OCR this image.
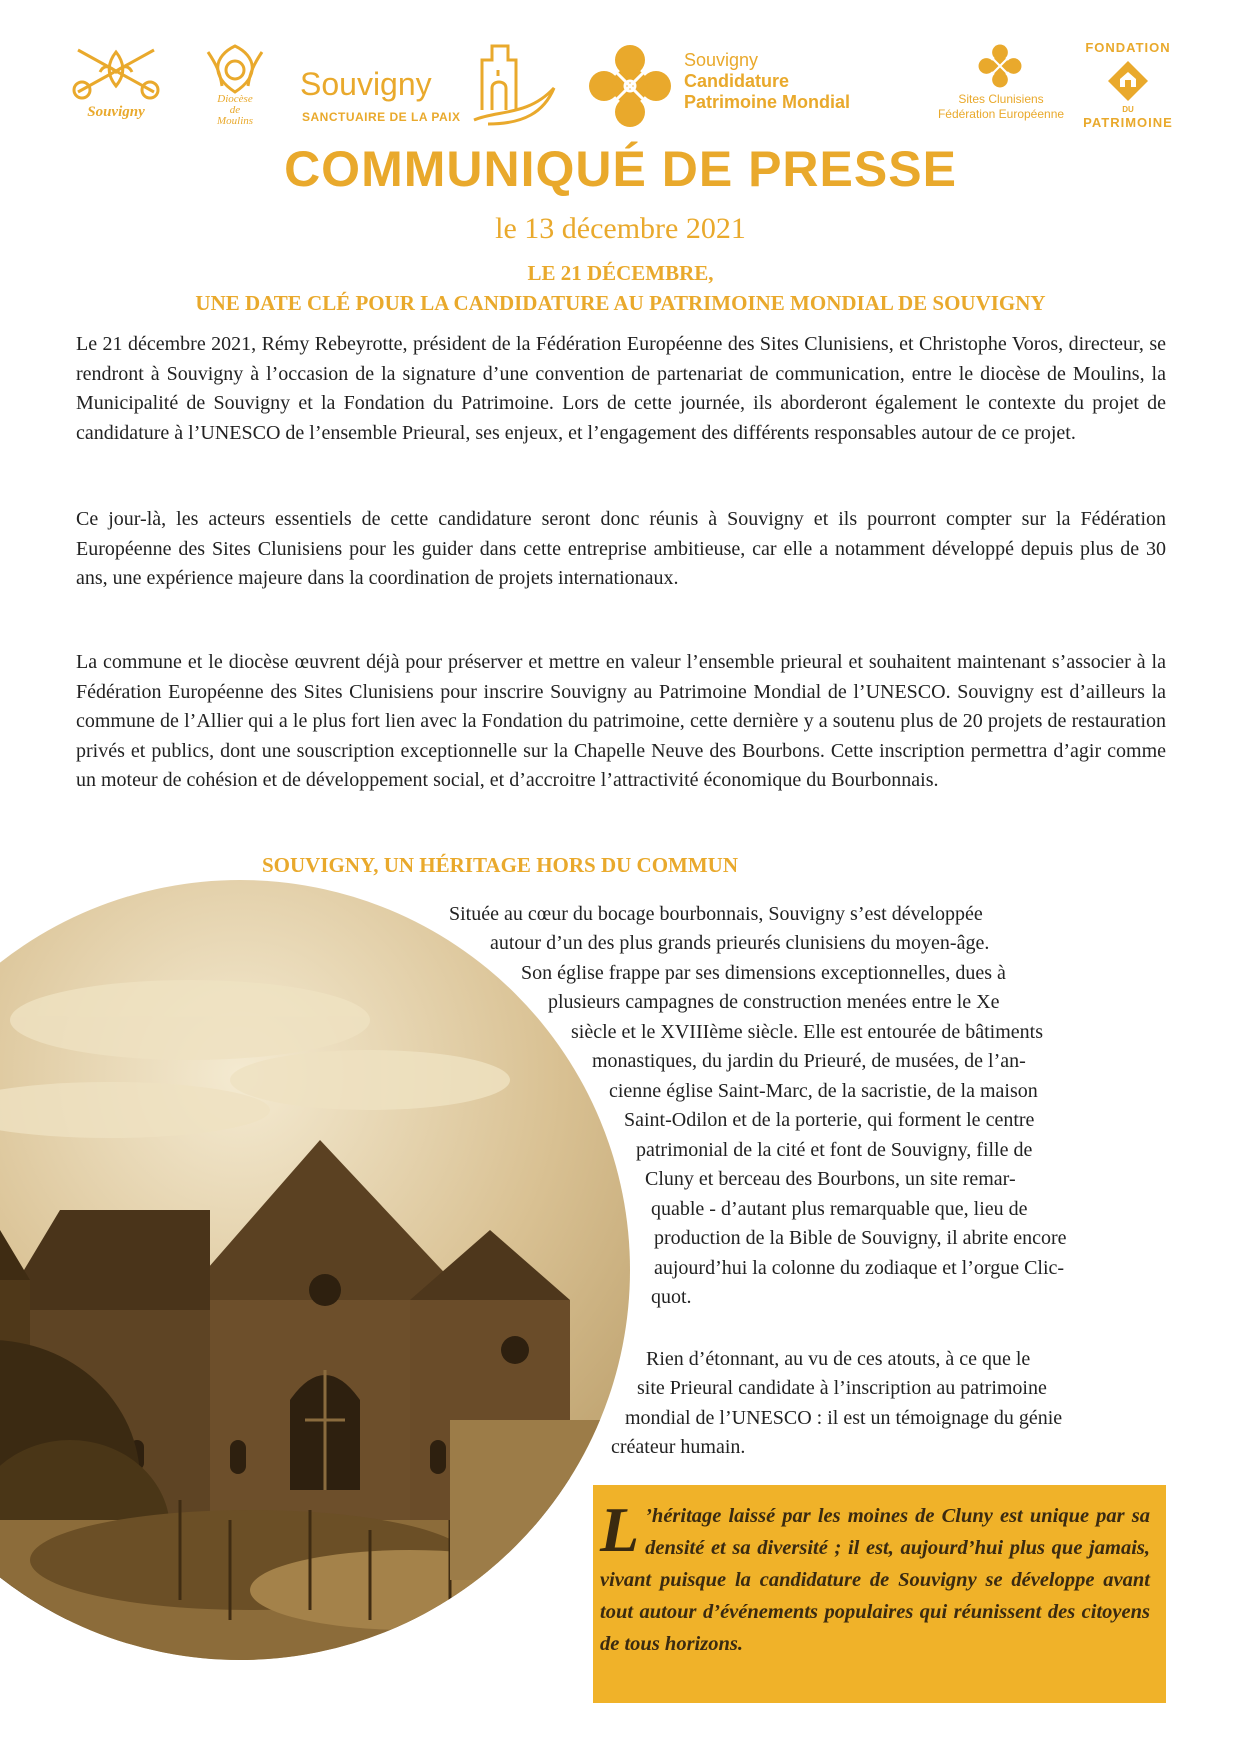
Souvigny
Diocèse
de
Moulins
Souvigny
SANCTUAIRE DE LA PAIX
Souvigny
Candidature
Patrimoine Mondial	Sites Clunisiens
Fédération Européenne
FONDATION
DU
PATRIMOINE
COMMUNIQUÉ DE PRESSE
le 13 décembre 2021
LE 21 DÉCEMBRE,
UNE DATE CLÉ POUR LA CANDIDATURE AU PATRIMOINE MONDIAL DE SOUVIGNY

Le 21 décembre 2021, Rémy Rebeyrotte, président de la Fédération Européenne des Sites Clunisiens, et Christophe Voros, directeur, se rendront à Souvigny à l’occasion de la signature d’une convention de partenariat de communication, entre le diocèse de Moulins, la Municipalité de Souvigny et la Fondation du Patrimoine. Lors de cette journée, ils aborderont également le contexte du projet de candidature à l’UNESCO de l’ensemble Prieural, ses enjeux, et l’engagement des différents responsables autour de ce projet.

Ce jour-là, les acteurs essentiels de cette candidature seront donc réunis à Souvigny et ils pourront compter sur la Fédération Européenne des Sites Clunisiens pour les guider dans cette entreprise ambitieuse, car elle a notamment développé depuis plus de 30 ans, une expérience majeure dans la coordination de projets internationaux.

La commune et le diocèse œuvrent déjà pour préserver et mettre en valeur l’ensemble prieural et souhaitent maintenant s’associer à la Fédération Européenne des Sites Clunisiens pour inscrire Souvigny au Patrimoine Mondial de l’UNESCO. Souvigny est d’ailleurs la commune de l’Allier qui a le plus fort lien avec la Fondation du patrimoine, cette dernière y a soutenu plus de 20 projets de restauration privés et publics, dont une souscription exceptionnelle sur la Chapelle Neuve des Bourbons. Cette inscription permettra d’agir comme un moteur de cohésion et de développement social, et d’accroitre l’attractivité économique du Bourbonnais.

SOUVIGNY, UN HÉRITAGE HORS DU COMMUN

Située au cœur du bocage bourbonnais, Souvigny s’est développée

autour d’un des plus grands prieurés clunisiens du moyen-âge.

Son église frappe par ses dimensions exceptionnelles, dues à

plusieurs campagnes de construction menées entre le Xe

siècle et le XVIIIème siècle. Elle est entourée de bâtiments

monastiques, du jardin du Prieuré, de musées, de l’an-

cienne église Saint-Marc, de la sacristie, de la maison

Saint-Odilon et de la porterie, qui forment le centre

patrimonial de la cité et font de Souvigny, fille de

Cluny et berceau des Bourbons, un site remar-

quable - d’autant plus remarquable que, lieu de

production de la Bible de Souvigny, il abrite encore

aujourd’hui la colonne du zodiaque et l’orgue Clic-

quot.

Rien d’étonnant, au vu de ces atouts, à ce que le

site Prieural candidate à l’inscription au patrimoine

mondial de l’UNESCO : il est un témoignage du génie

créateur humain.

L ’héritage laissé par les moines de Cluny est unique par sa densité et sa diversité ; il est, aujourd’hui plus que jamais, vivant puisque la candidature de Souvigny se développe avant tout autour d’événements populaires qui réunissent des citoyens de tous horizons.
